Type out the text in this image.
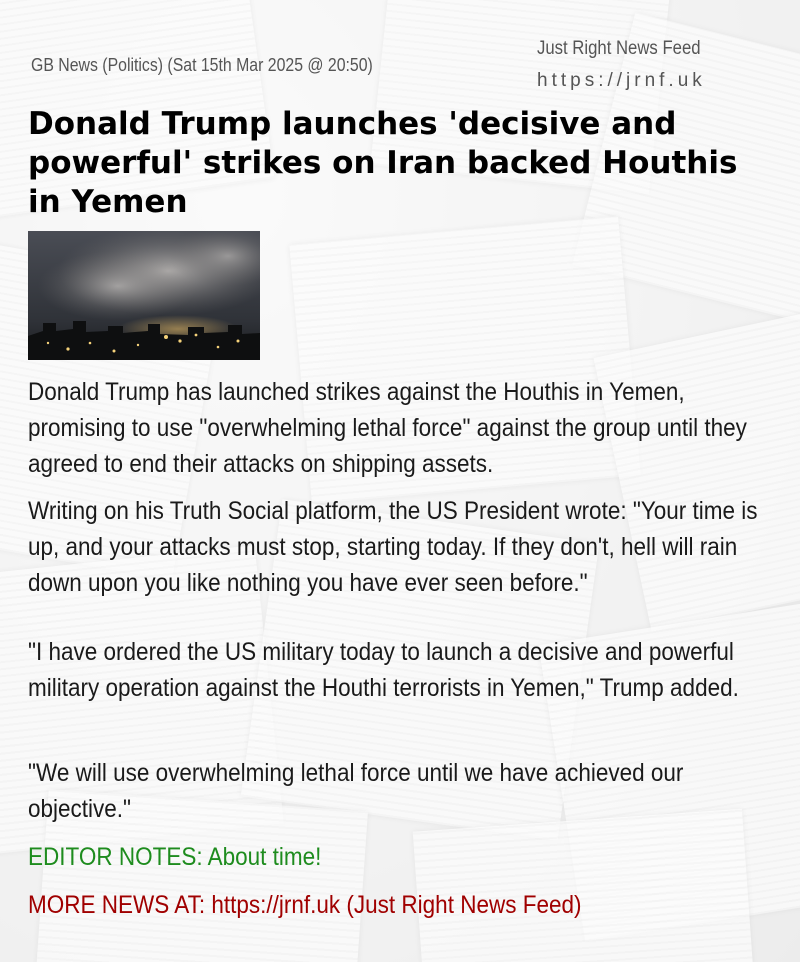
GB News (Politics) (Sat 15th Mar 2025 @ 20:50)
Just Right News Feed
https://jrnf.uk
Donald Trump launches 'decisive and powerful' strikes on Iran backed Houthis in Yemen

Donald Trump has launched strikes against the Houthis in Yemen, promising to use "overwhelming lethal force" against the group until they agreed to end their attacks on shipping assets.

Writing on his Truth Social platform, the US President wrote: "Your time is up, and your attacks must stop, starting today. If they don't, hell will rain down upon you like nothing you have ever seen before."

"I have ordered the US military today to launch a decisive and powerful military operation against the Houthi terrorists in Yemen," Trump added.

"We will use overwhelming lethal force until we have achieved our objective."

EDITOR NOTES: About time!

MORE NEWS AT: https://jrnf.uk (Just Right News Feed)
